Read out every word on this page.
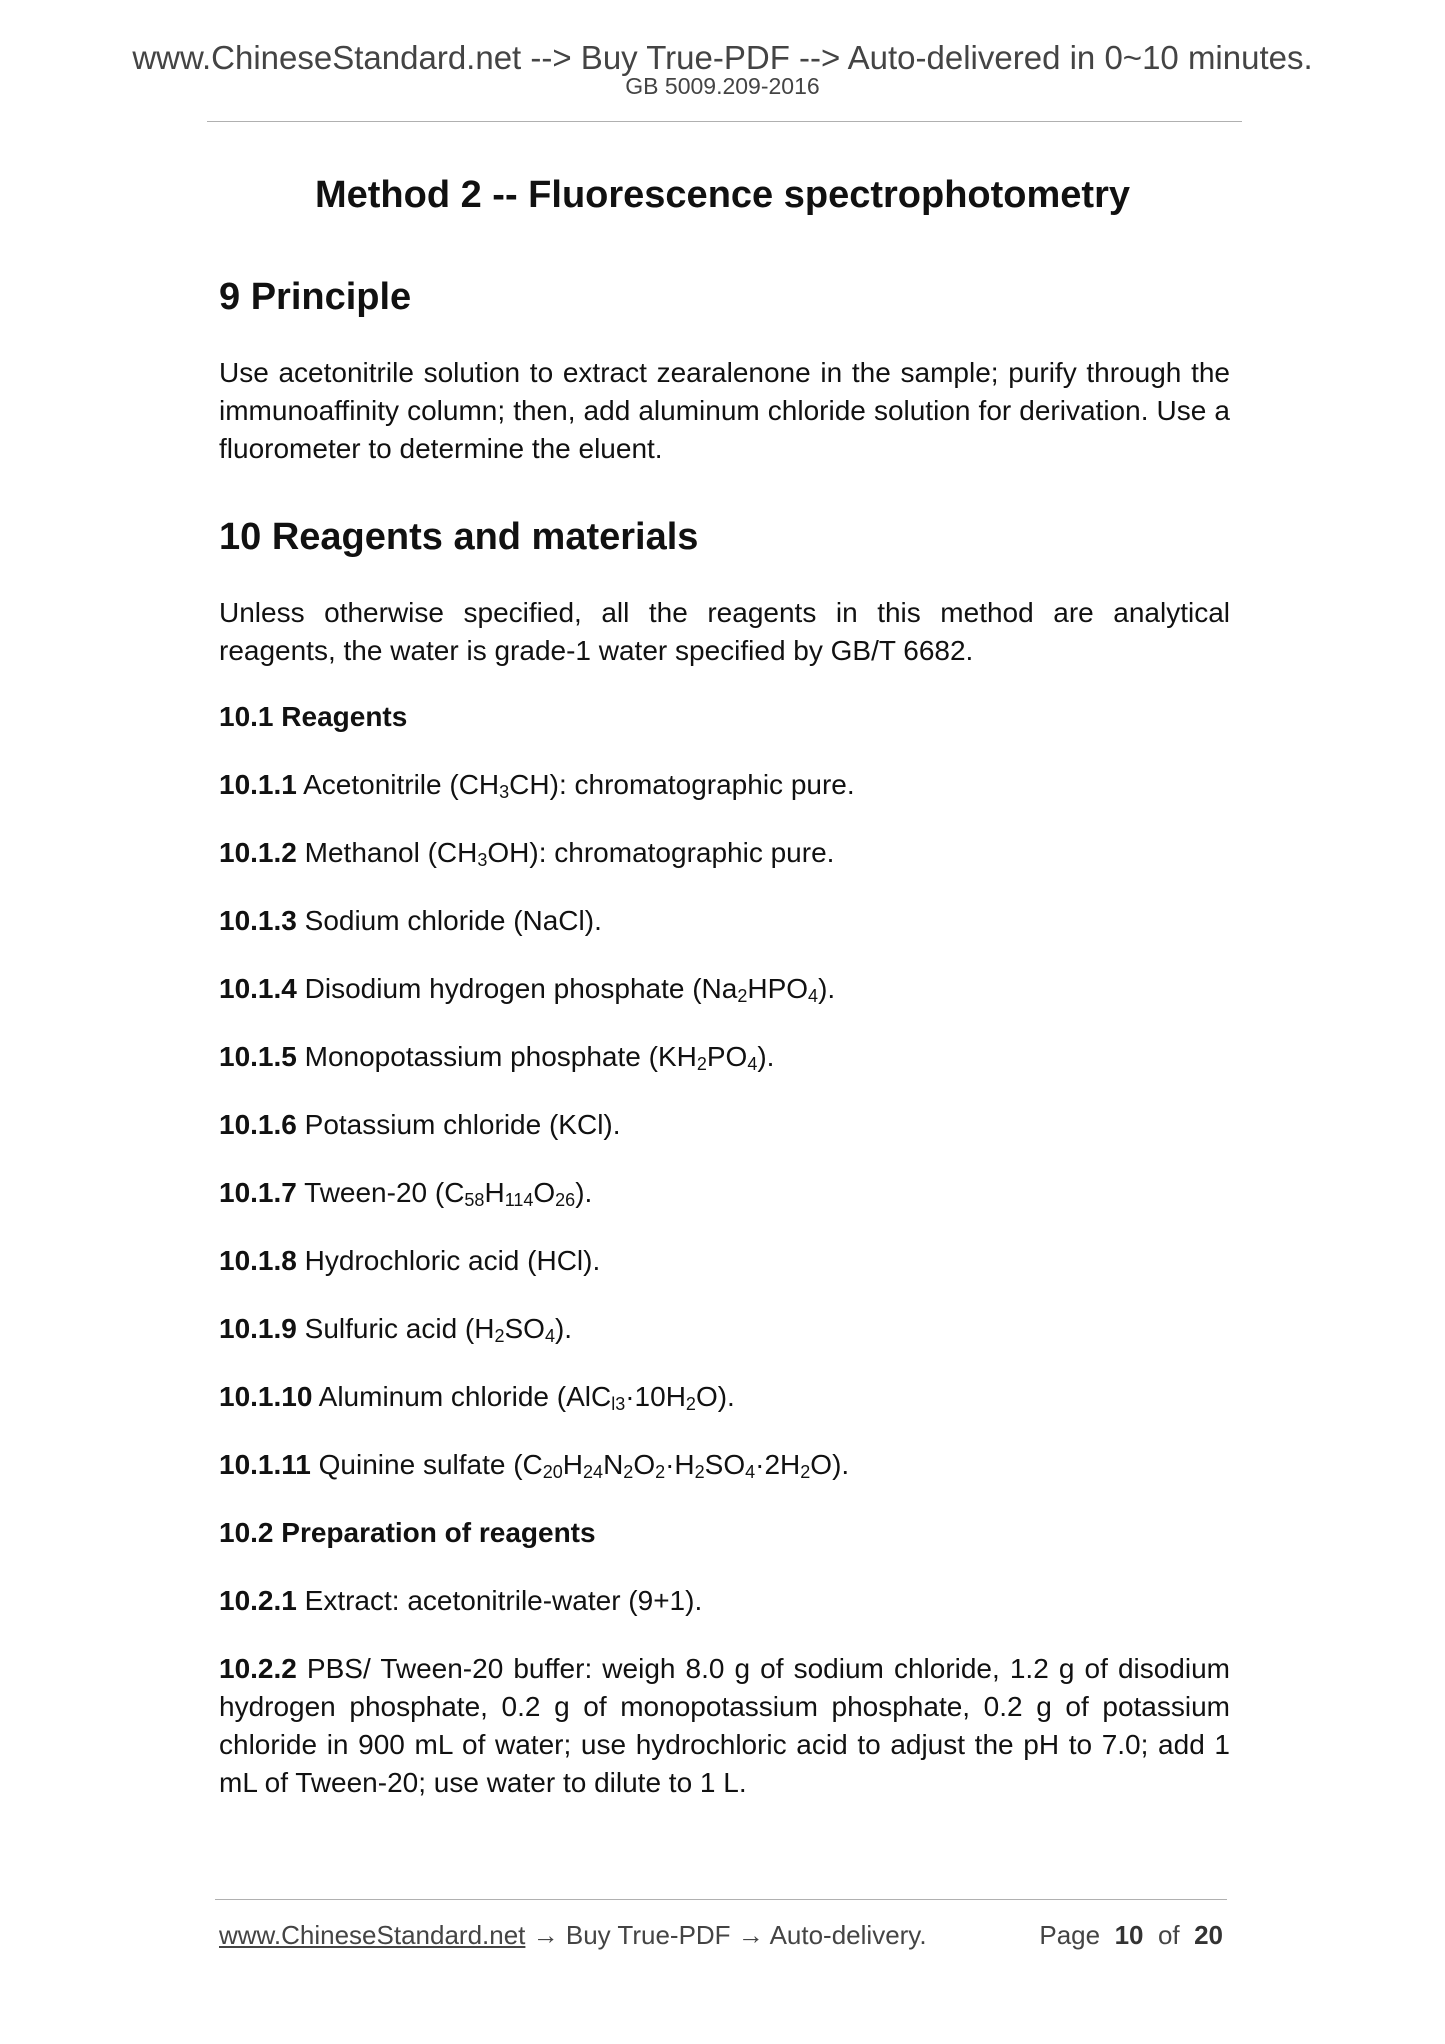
www.ChineseStandard.net --> Buy True-PDF --> Auto-delivered in 0~10 minutes.
GB 5009.209-2016
Method 2 -- Fluorescence spectrophotometry
9 Principle

Use acetonitrile solution to extract zearalenone in the sample; purify through the immunoaffinity column; then, add aluminum chloride solution for derivation. Use a fluorometer to determine the eluent.

10 Reagents and materials

Unless otherwise specified, all the reagents in this method are analytical reagents, the water is grade-1 water specified by GB/T 6682.

10.1 Reagents

10.1.1 Acetonitrile $(CH_3CH)$: chromatographic pure.

10.1.2 Methanol $(CH_3OH)$: chromatographic pure.

10.1.3 Sodium chloride (NaCl).

10.1.4 Disodium hydrogen phosphate $(Na_2HPO_4)$.

10.1.5 Monopotassium phosphate $(KH_2PO_4)$.

10.1.6 Potassium chloride (KCl).

10.1.7 Tween-20 $(C_{58}H_{114}O_{26})$.

10.1.8 Hydrochloric acid (HCl).

10.1.9 Sulfuric acid $(H_2SO_4)$.

10.1.10 Aluminum chloride $(AlC_{l3}\cdot 10H_2O)$.

10.1.11 Quinine sulfate $(C_{20}H_{24}N_2O_2\cdot H_2SO_4\cdot 2H_2O)$.

10.2 Preparation of reagents

10.2.1 Extract: acetonitrile-water (9+1).

10.2.2 PBS/ Tween-20 buffer: weigh 8.0 g of sodium chloride, 1.2 g of disodium hydrogen phosphate, 0.2 g of monopotassium phosphate, 0.2 g of potassium chloride in 900 mL of water; use hydrochloric acid to adjust the pH to 7.0; add 1 mL of Tween-20; use water to dilute to 1 L.

www.ChineseStandard.net → Buy True-PDF → Auto-delivery.	Page 10 of 20
